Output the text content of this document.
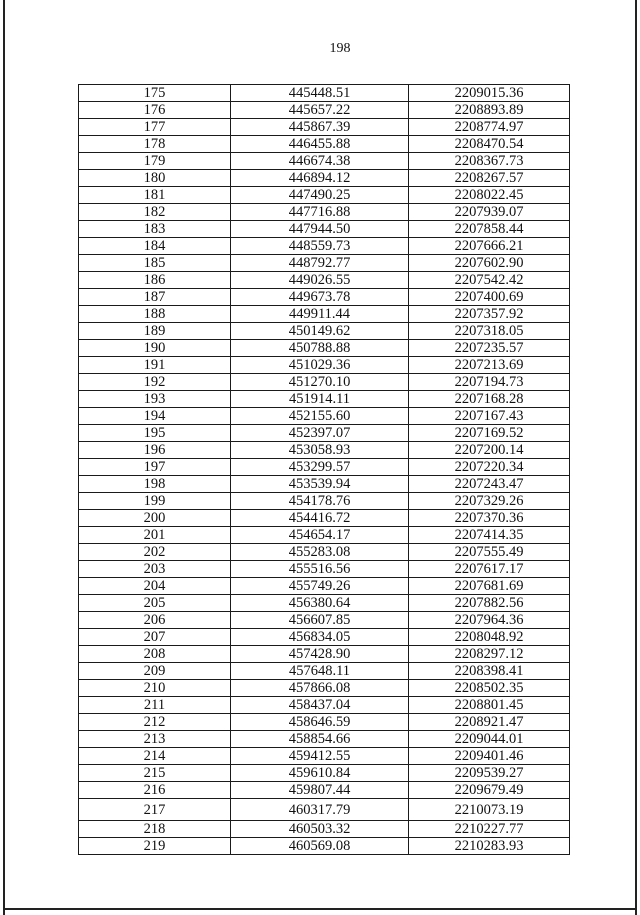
198
175	445448.51	2209015.36
176	445657.22	2208893.89
177	445867.39	2208774.97
178	446455.88	2208470.54
179	446674.38	2208367.73
180	446894.12	2208267.57
181	447490.25	2208022.45
182	447716.88	2207939.07
183	447944.50	2207858.44
184	448559.73	2207666.21
185	448792.77	2207602.90
186	449026.55	2207542.42
187	449673.78	2207400.69
188	449911.44	2207357.92
189	450149.62	2207318.05
190	450788.88	2207235.57
191	451029.36	2207213.69
192	451270.10	2207194.73
193	451914.11	2207168.28
194	452155.60	2207167.43
195	452397.07	2207169.52
196	453058.93	2207200.14
197	453299.57	2207220.34
198	453539.94	2207243.47
199	454178.76	2207329.26
200	454416.72	2207370.36
201	454654.17	2207414.35
202	455283.08	2207555.49
203	455516.56	2207617.17
204	455749.26	2207681.69
205	456380.64	2207882.56
206	456607.85	2207964.36
207	456834.05	2208048.92
208	457428.90	2208297.12
209	457648.11	2208398.41
210	457866.08	2208502.35
211	458437.04	2208801.45
212	458646.59	2208921.47
213	458854.66	2209044.01
214	459412.55	2209401.46
215	459610.84	2209539.27
216	459807.44	2209679.49
217	460317.79	2210073.19
218	460503.32	2210227.77
219	460569.08	2210283.93
